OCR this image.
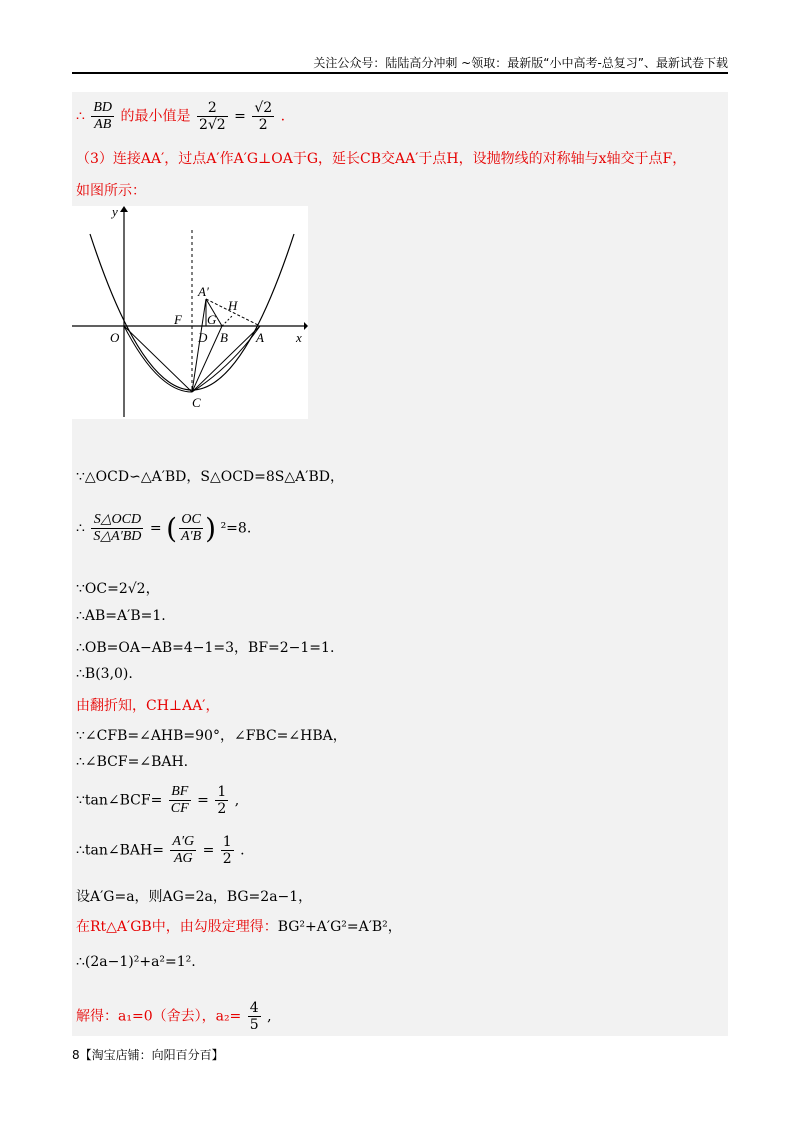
关注公众号：陆陆高分冲刺 ~领取：最新版“小中高考-总复习”、最新试卷下载
∴ $\frac{BD}{AB}$ 的最小值是 $\frac{2}{2√2} = \frac{√2}{2}$ .
（3）连接AA′，过点A′作A′G⊥OA于G，延长CB交AA′于点H，设抛物线的对称轴与x轴交于点F，
如图所示：
y
x
O	A
B
C
D
F G
H
A′
∵△OCD∽△A′BD，S△OCD=8S△A′BD，
∴ $\frac{\text{S△OCD}}{S\triangle A'BD}$ = ( $\frac{OC}{A'B}$ ) ²=8.
∵OC=2√2，
∴AB=A′B=1.
∴OB=OA−AB=4−1=3，BF=2−1=1.
∴B(3,0).
由翻折知，CH⊥AA′，
∵∠CFB=∠AHB=90°，∠FBC=∠HBA，
∴∠BCF=∠BAH.
∵tan∠BCF= $\frac{BF}{CF} = \frac{1}{2}$ ,
∴tan∠BAH= $\frac{A'G}{AG} = \frac{1}{2}$ .
设A′G=a，则AG=2a，BG=2a−1，
在Rt△A′GB中，由勾股定理得：BG²+A′G²=A′B²，
∴(2a−1)²+a²=1².
解得：a₁=0（舍去），$a_2= \frac{4}{5}$ ,
8【淘宝店铺：向阳百分百】
